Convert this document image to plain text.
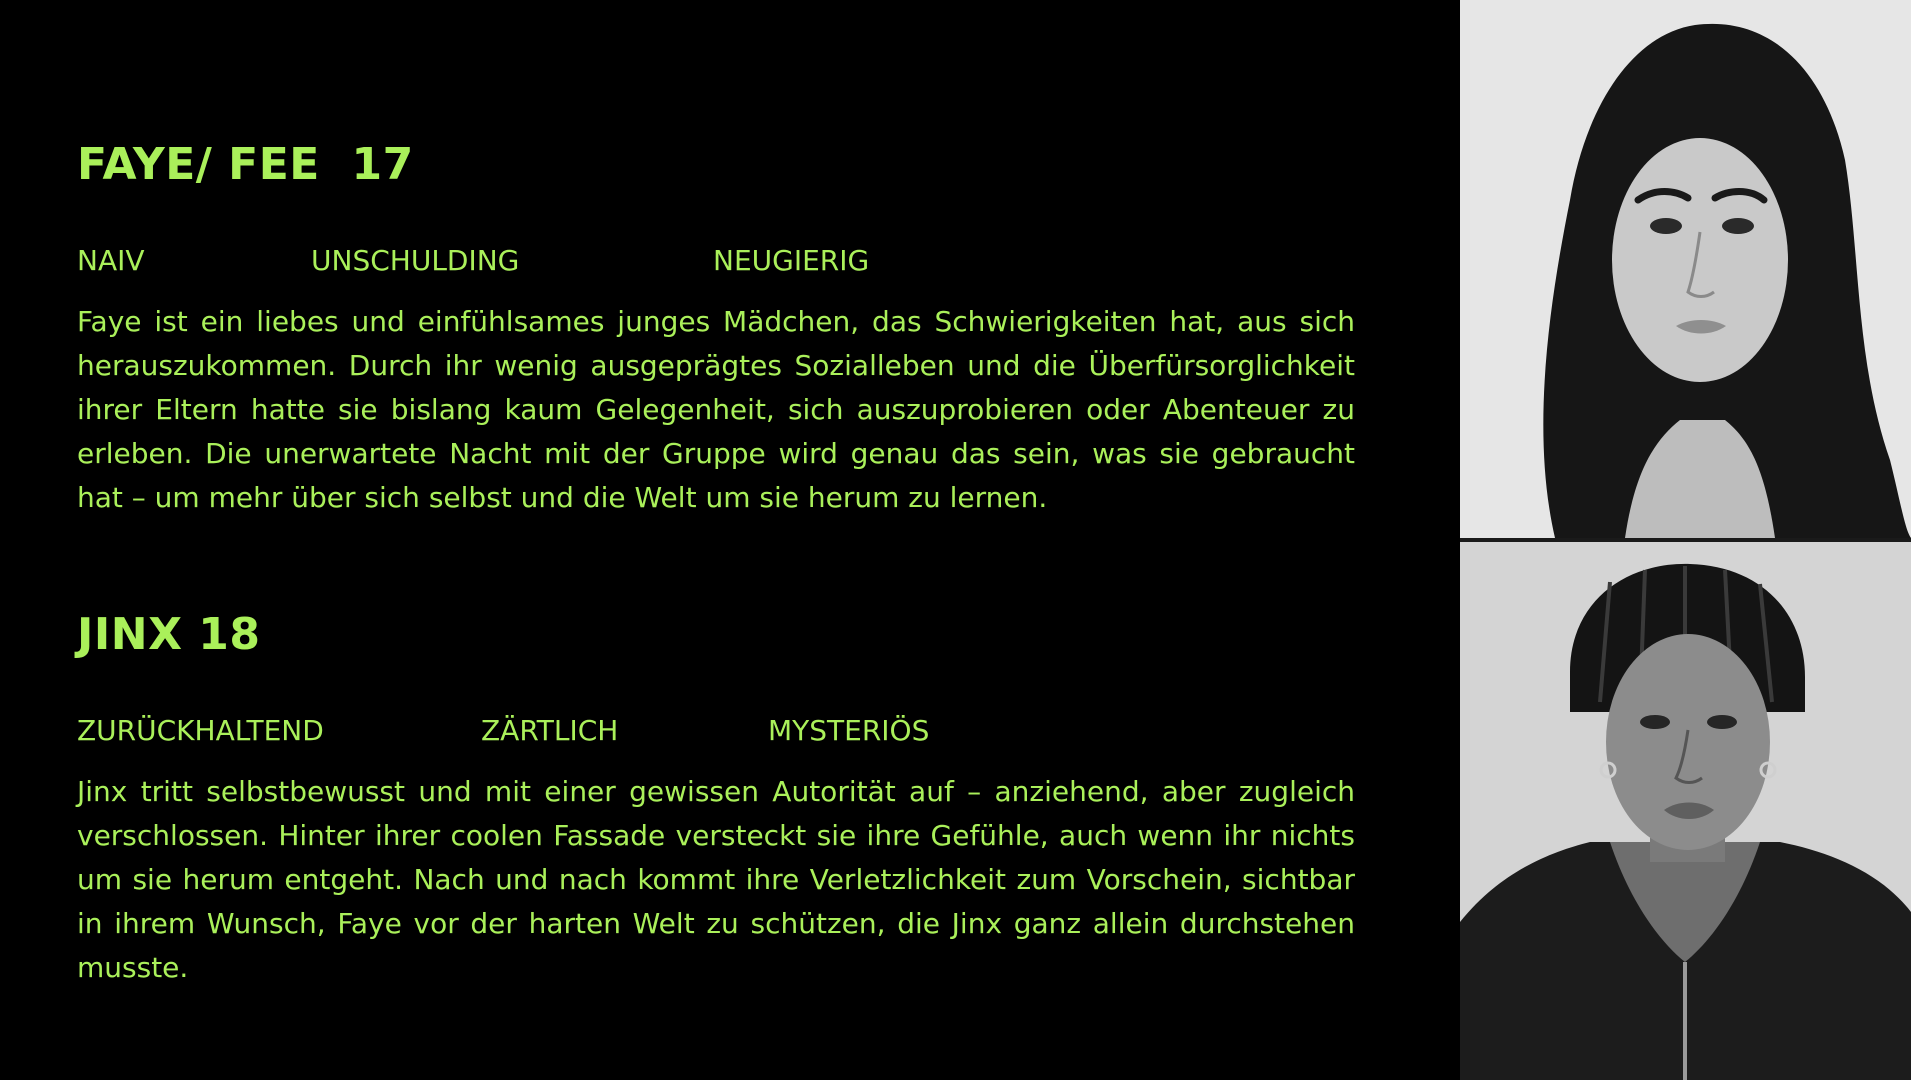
FAYE/ FEE  17
NAIV	UNSCHULDING	NEUGIERIG

Faye ist ein liebes und einfühlsames junges Mädchen, das Schwierigkeiten hat, aus sich herauszukommen. Durch ihr wenig ausgeprägtes Sozialleben und die Überfürsorglichkeit ihrer Eltern hatte sie bislang kaum Gelegenheit, sich auszuprobieren oder Abenteuer zu erleben. Die unerwartete Nacht mit der Gruppe wird genau das sein, was sie gebraucht hat – um mehr über sich selbst und die Welt um sie herum zu lernen.

JINX 18
ZURÜCKHALTEND	ZÄRTLICH	MYSTERIÖS

Jinx tritt selbstbewusst und mit einer gewissen Autorität auf – anziehend, aber zugleich verschlossen. Hinter ihrer coolen Fassade versteckt sie ihre Gefühle, auch wenn ihr nichts um sie herum entgeht. Nach und nach kommt ihre Verletzlichkeit zum Vorschein, sichtbar in ihrem Wunsch, Faye vor der harten Welt zu schützen, die Jinx ganz allein durchstehen musste.
